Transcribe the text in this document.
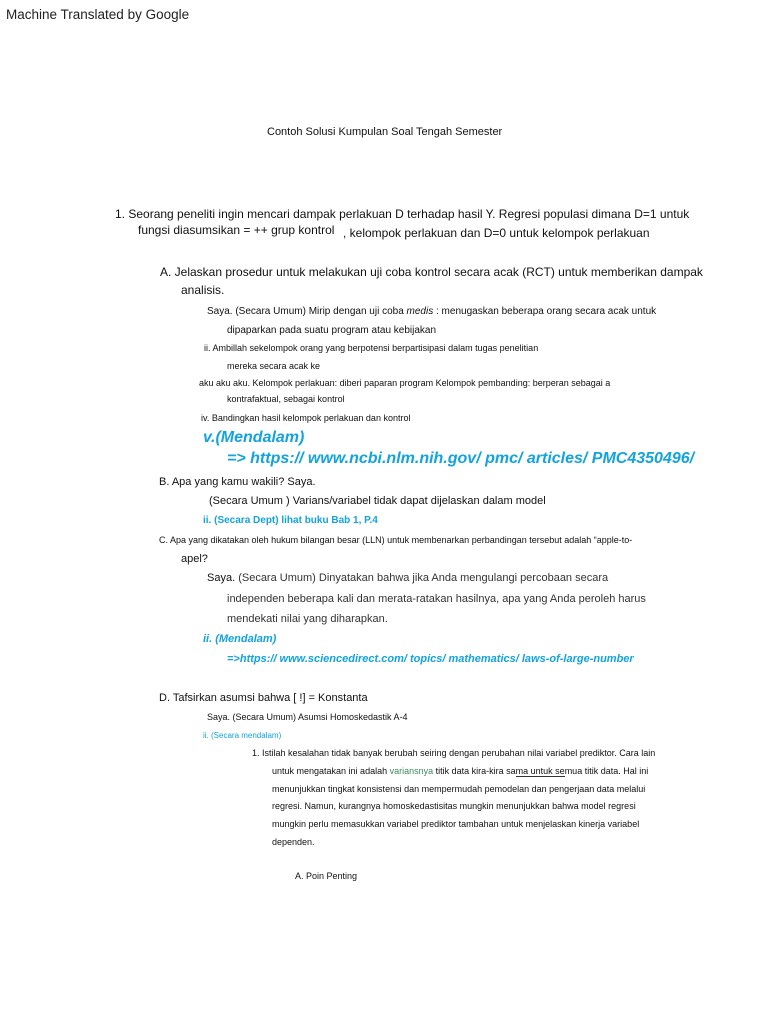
Machine Translated by Google
Contoh Solusi Kumpulan Soal Tengah Semester
1. Seorang peneliti ingin mencari dampak perlakuan D terhadap hasil Y. Regresi populasi dimana D=1 untuk
fungsi diasumsikan = ++ grup kontrol , kelompok perlakuan dan D=0 untuk kelompok perlakuan
A. Jelaskan prosedur untuk melakukan uji coba kontrol secara acak (RCT) untuk memberikan dampak
analisis.
Saya. (Secara Umum) Mirip dengan uji coba medis : menugaskan beberapa orang secara acak untuk
dipaparkan pada suatu program atau kebijakan
ii. Ambillah sekelompok orang yang berpotensi berpartisipasi dalam tugas penelitian
mereka secara acak ke
aku aku aku. Kelompok perlakuan: diberi paparan program Kelompok pembanding: berperan sebagai a
kontrafaktual, sebagai kontrol
iv. Bandingkan hasil kelompok perlakuan dan kontrol
v.(Mendalam)
=> https:// www.ncbi.nlm.nih.gov/ pmc/ articles/ PMC4350496/
B. Apa yang kamu wakili? Saya.
(Secara Umum ) Varians/variabel tidak dapat dijelaskan dalam model
ii. (Secara Dept) lihat buku Bab 1, P.4
C. Apa yang dikatakan oleh hukum bilangan besar (LLN) untuk membenarkan perbandingan tersebut adalah “apple-to-
apel?
Saya. (Secara Umum) Dinyatakan bahwa jika Anda mengulangi percobaan secara
independen beberapa kali dan merata-ratakan hasilnya, apa yang Anda peroleh harus
mendekati nilai yang diharapkan.
ii. (Mendalam)
=>https:// www.sciencedirect.com/ topics/ mathematics/ laws-of-large-number
D. Tafsirkan asumsi bahwa [ !] = Konstanta
Saya. (Secara Umum) Asumsi Homoskedastik A-4
ii. (Secara mendalam)
1. Istilah kesalahan tidak banyak berubah seiring dengan perubahan nilai variabel prediktor. Cara lain
untuk mengatakan ini adalah variansnya titik data kira-kira sama untuk semua titik data. Hal ini
menunjukkan tingkat konsistensi dan mempermudah pemodelan dan pengerjaan data melalui
regresi. Namun, kurangnya homoskedastisitas mungkin menunjukkan bahwa model regresi
mungkin perlu memasukkan variabel prediktor tambahan untuk menjelaskan kinerja variabel
dependen.
A. Poin Penting
